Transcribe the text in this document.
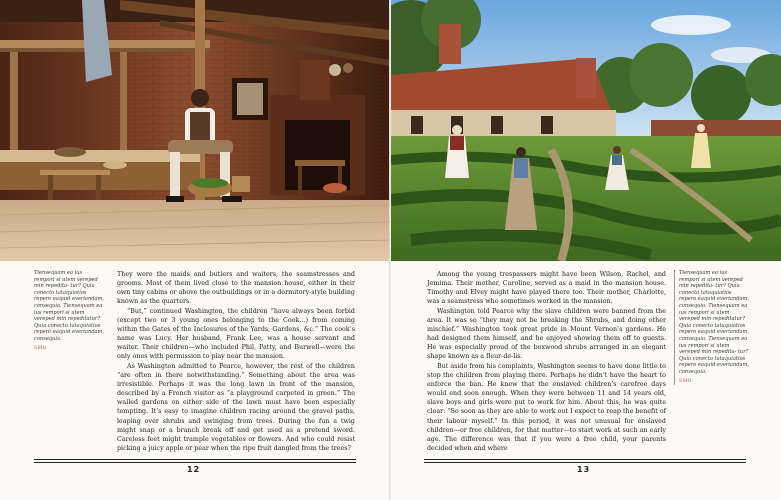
Tiensequam ea ius rempori si utem vereped min repedita- tur? Quia conecto tataquiatios repero eaquid everiandam, consequia. Tiensequam ea ius rempori si utem vereped min repeditatur? Quia conecto tataquiatios repero eaquid everiandam, consequia.
SMG

They were the maids and butlers and waiters, the seamstresses and grooms. Most of them lived close to the mansion house, either in their own tiny cabins or above the outbuildings or in a dormitory-style building known as the quarters.

“But,” continued Washington, the children “have always been forbid (except two or 3 young ones belonging to the Cook…) from coming within the Gates of the Inclosures of the Yards, Gardens, &c.” The cook’s name was Lucy. Her husband, Frank Lee, was a house servant and waiter. Their children—who included Phil, Patty, and Burwell—were the only ones with permission to play near the mansion.

As Washington admitted to Pearce, however, the rest of the children “are often in there notwithstanding.” Something about the area was irresistible. Perhaps it was the long lawn in front of the mansion, described by a French visitor as “a playground carpeted in green.” The walled gardens on either side of the lawn must have been especially tempting. It’s easy to imagine children racing around the gravel paths, leaping over shrubs and swinging from trees. During the fun a twig might snap or a branch break off and get used as a pretend sword. Careless feet might trample vegetables or flowers. And who could resist picking a juicy apple or pear when the ripe fruit dangled from the trees?

12

Among the young trespassers might have been Wilson, Rachel, and Jemima. Their mother, Caroline, served as a maid in the mansion house. Timothy and Elvey might have played there too. Their mother, Charlotte, was a seamstress who sometimes worked in the mansion.

Washington told Pearce why the slave children were banned from the area. It was so “they may not be breaking the Shrubs, and doing other mischief.” Washington took great pride in Mount Vernon’s gardens. He had designed them himself, and he enjoyed showing them off to guests. He was especially proud of the boxwood shrubs arranged in an elegant shape known as a fleur-de-lis.

But aside from his complaints, Washington seems to have done little to stop the children from playing there. Perhaps he didn’t have the heart to enforce the ban. He knew that the enslaved children’s carefree days would end soon enough. When they were between 11 and 14 years old, slave boys and girls were put to work for him. About this, he was quite clear: “So soon as they are able to work out I expect to reap the benefit of their labour myself.” In this period, it was not unusual for enslaved children—or free children, for that matter—to start work at such an early age. The difference was that if you were a free child, your parents decided when and where

Tiensequam ea ius rempori si utem vereped min repedita- tur? Quia conecto tataquiatios repero eaquid everiandam, consequia. Tiensequam ea ius rempori si utem vereped min repeditatur? Quia conecto tataquiatios repero eaquid everiandam, consequia. Tiensequam ea ius rempori si utem vereped min repedita- tur? Quia conecto tataquiatios repero eaquid everiandam, consequia.
SMG
13
